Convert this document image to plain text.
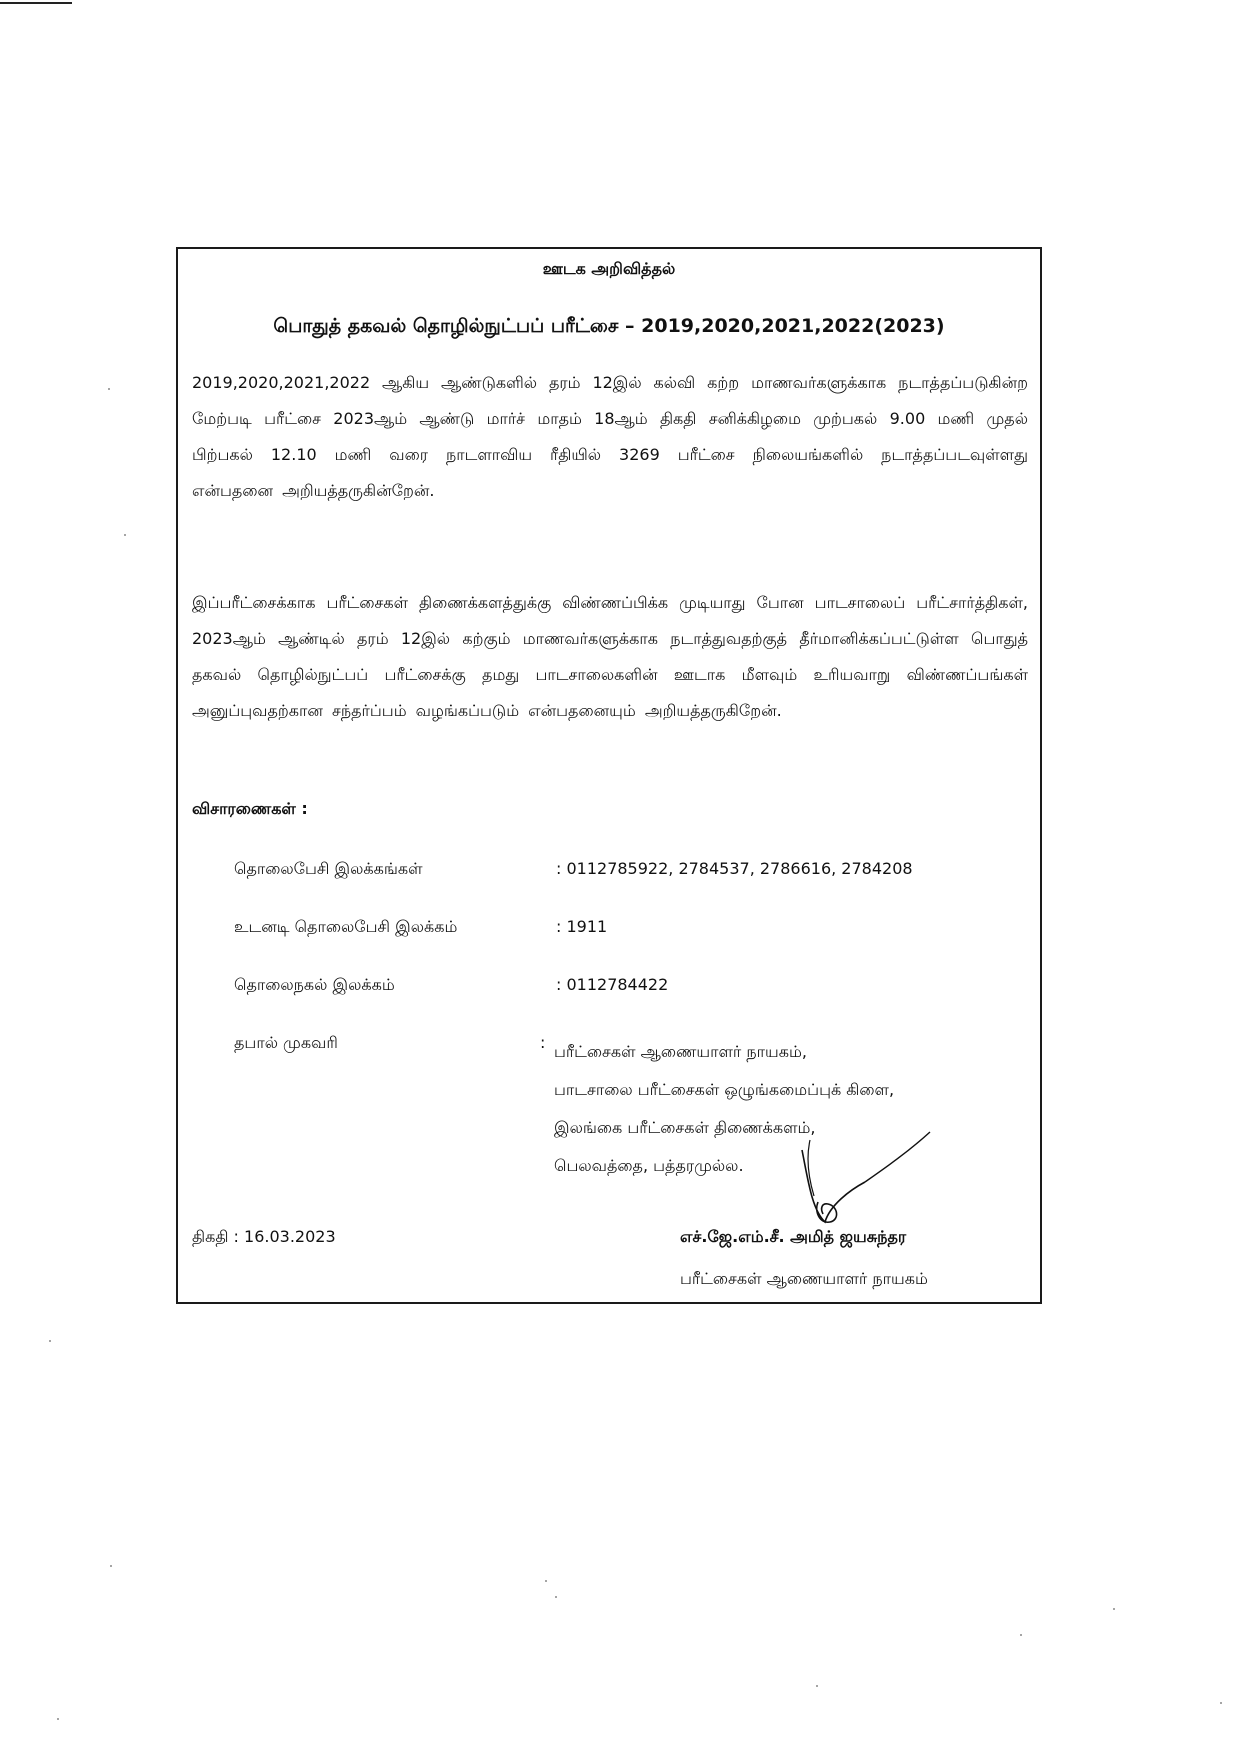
ஊடக அறிவித்தல்
பொதுத் தகவல் தொழில்நுட்பப் பரீட்சை – 2019,2020,2021,2022(2023)

2019,2020,2021,2022 ஆகிய ஆண்டுகளில் தரம் 12இல் கல்வி கற்ற மாணவர்களுக்காக நடாத்தப்படுகின்ற மேற்படி பரீட்சை 2023ஆம் ஆண்டு மார்ச் மாதம் 18ஆம் திகதி சனிக்கிழமை முற்பகல் 9.00 மணி முதல் பிற்பகல் 12.10 மணி வரை நாடளாவிய ரீதியில் 3269 பரீட்சை நிலையங்களில் நடாத்தப்படவுள்ளது என்பதனை அறியத்தருகின்றேன்.

இப்பரீட்சைக்காக பரீட்சைகள் திணைக்களத்துக்கு விண்ணப்பிக்க முடியாது போன பாடசாலைப் பரீட்சார்த்திகள், 2023ஆம் ஆண்டில் தரம் 12இல் கற்கும் மாணவர்களுக்காக நடாத்துவதற்குத் தீர்மானிக்கப்பட்டுள்ள பொதுத் தகவல் தொழில்நுட்பப் பரீட்சைக்கு தமது பாடசாலைகளின் ஊடாக மீளவும் உரியவாறு விண்ணப்பங்கள் அனுப்புவதற்கான சந்தர்ப்பம் வழங்கப்படும் என்பதனையும் அறியத்தருகிறேன்.

விசாரணைகள் :
தொலைபேசி இலக்கங்கள்	: 0112785922, 2784537, 2786616, 2784208
உடனடி தொலைபேசி இலக்கம்	: 1911
தொலைநகல் இலக்கம்	: 0112784422
தபால் முகவரி	: பரீட்சைகள் ஆணையாளர் நாயகம்,
பாடசாலை பரீட்சைகள் ஒழுங்கமைப்புக் கிளை,
இலங்கை பரீட்சைகள் திணைக்களம்,
பெலவத்தை, பத்தரமுல்ல.
திகதி : 16.03.2023	எச்.ஜே.எம்.சீ. அமித் ஜயசுந்தர
பரீட்சைகள் ஆணையாளர் நாயகம்
